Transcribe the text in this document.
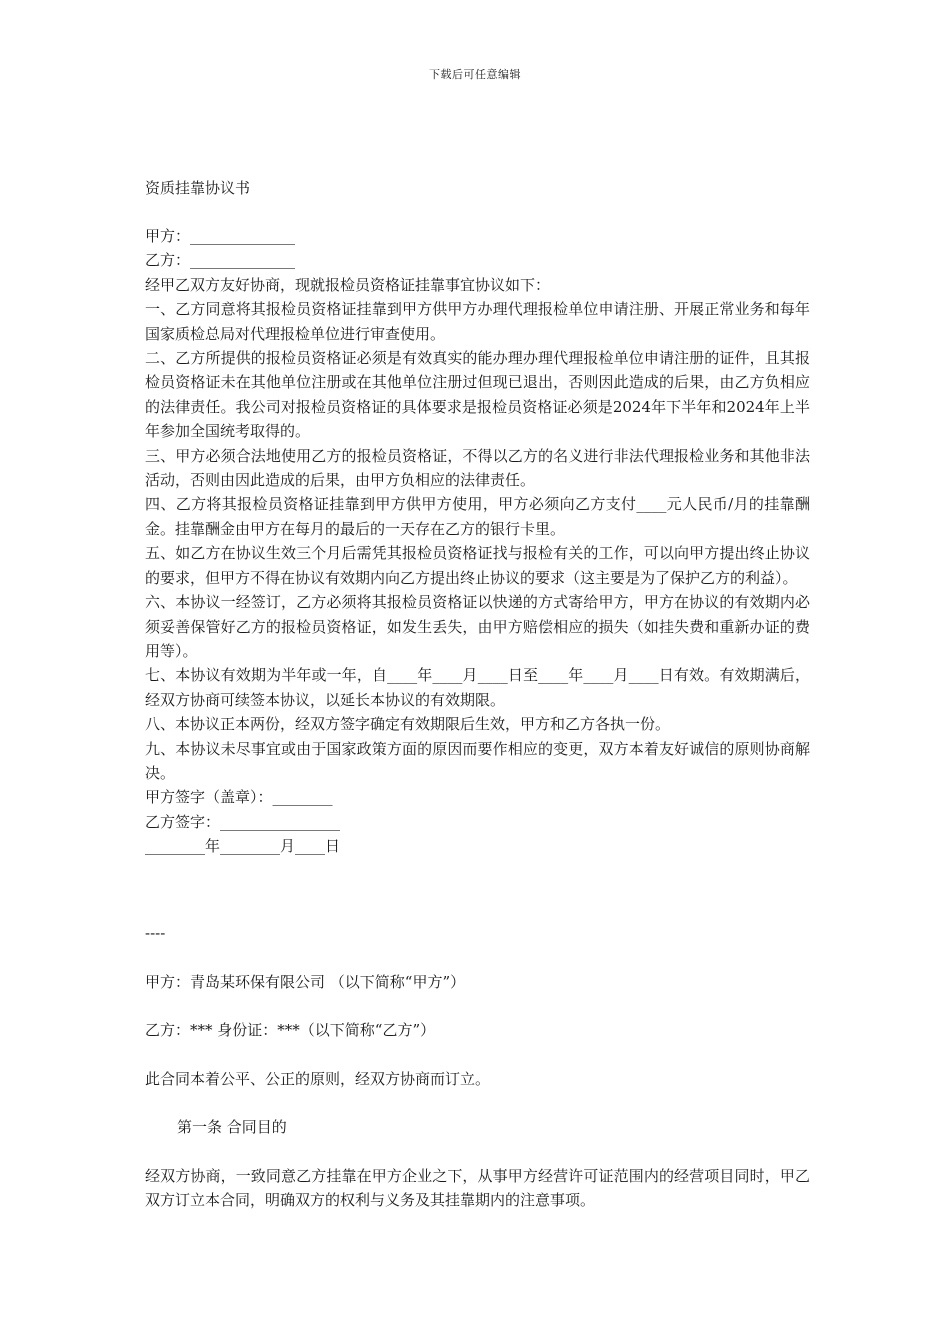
下载后可任意编辑
资质挂靠协议书

甲方：______________

乙方：______________

经甲乙双方友好协商，现就报检员资格证挂靠事宜协议如下：

一、乙方同意将其报检员资格证挂靠到甲方供甲方办理代理报检单位申请注册、开展正常业务和每年国家质检总局对代理报检单位进行审查使用。

二、乙方所提供的报检员资格证必须是有效真实的能办理办理代理报检单位申请注册的证件，且其报检员资格证未在其他单位注册或在其他单位注册过但现已退出，否则因此造成的后果，由乙方负相应的法律责任。我公司对报检员资格证的具体要求是报检员资格证必须是2024年下半年和2024年上半年参加全国统考取得的。

三、甲方必须合法地使用乙方的报检员资格证，不得以乙方的名义进行非法代理报检业务和其他非法活动，否则由因此造成的后果，由甲方负相应的法律责任。

四、乙方将其报检员资格证挂靠到甲方供甲方使用，甲方必须向乙方支付____元人民币/月的挂靠酬金。挂靠酬金由甲方在每月的最后的一天存在乙方的银行卡里。

五、如乙方在协议生效三个月后需凭其报检员资格证找与报检有关的工作，可以向甲方提出终止协议的要求，但甲方不得在协议有效期内向乙方提出终止协议的要求（这主要是为了保护乙方的利益）。

六、本协议一经签订，乙方必须将其报检员资格证以快递的方式寄给甲方，甲方在协议的有效期内必须妥善保管好乙方的报检员资格证，如发生丢失，由甲方赔偿相应的损失（如挂失费和重新办证的费用等）。

七、本协议有效期为半年或一年，自____年____月____日至____年____月____日有效。有效期满后，经双方协商可续签本协议，以延长本协议的有效期限。

八、本协议正本两份，经双方签字确定有效期限后生效，甲方和乙方各执一份。

九、本协议未尽事宜或由于国家政策方面的原因而要作相应的变更，双方本着友好诚信的原则协商解决。

甲方签字（盖章）：________

乙方签字：________________

________年________月____日

----

甲方：青岛某环保有限公司 （以下简称“甲方”）

乙方：*** 身份证：***（以下简称“乙方”）

此合同本着公平、公正的原则，经双方协商而订立。

第一条 合同目的

经双方协商，一致同意乙方挂靠在甲方企业之下，从事甲方经营许可证范围内的经营项目同时，甲乙双方订立本合同，明确双方的权利与义务及其挂靠期内的注意事项。
